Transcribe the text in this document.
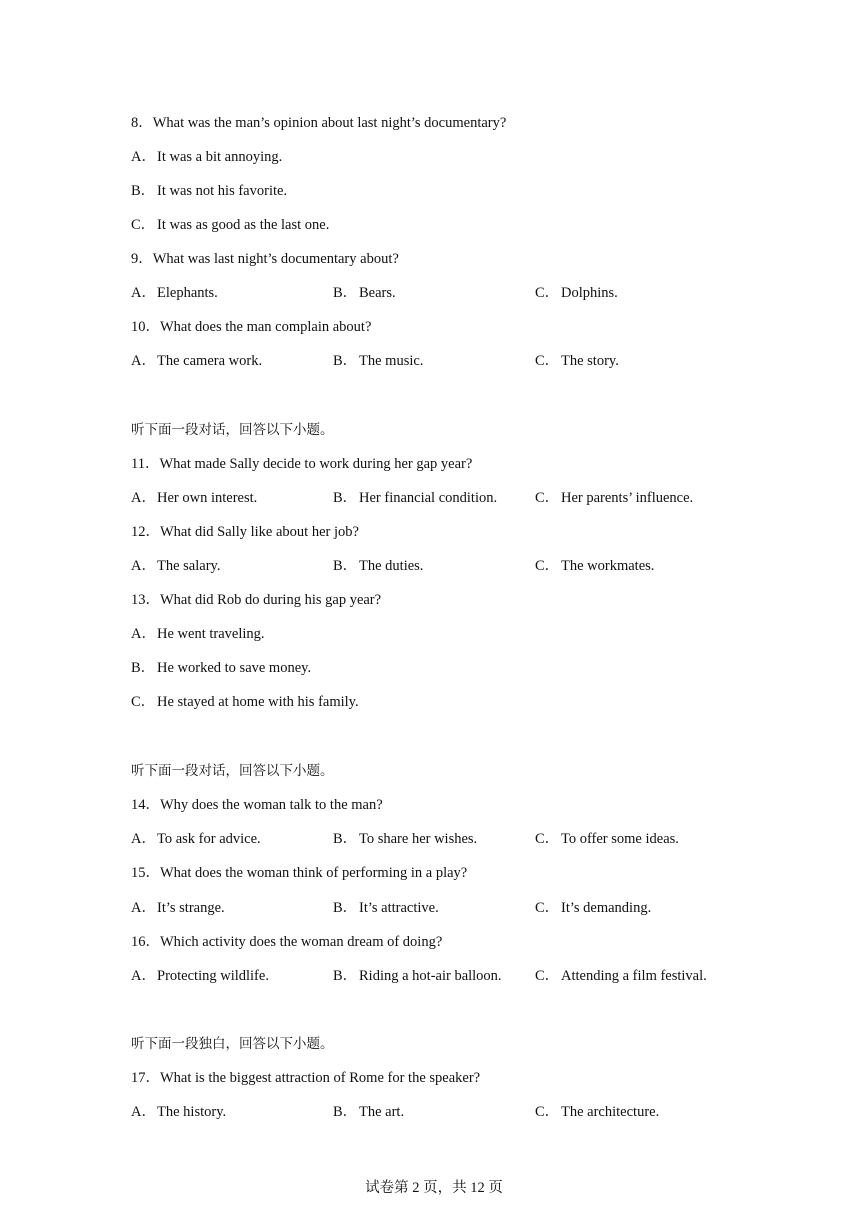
8．What was the man’s opinion about last night’s documentary?
A．It was a bit annoying.
B． It was not his favorite.
C． It was as good as the last one.
9．What was last night’s documentary about?
A．Elephants.	B． Bears.	C． Dolphins.
10．What does the man complain about?
A．The camera work.	B． The music.	C． The story.
听下面一段对话，回答以下小题。
11．What made Sally decide to work during her gap year?
A．Her own interest.	B． Her financial condition.	C． Her parents’ influence.
12．What did Sally like about her job?
A．The salary.	B． The duties.	C． The workmates.
13．What did Rob do during his gap year?
A．He went traveling.
B． He worked to save money.
C． He stayed at home with his family.
听下面一段对话，回答以下小题。
14．Why does the woman talk to the man?
A．To ask for advice.	B． To share her wishes.	C． To offer some ideas.
15．What does the woman think of performing in a play?
A．It’s strange.	B． It’s attractive.	C． It’s demanding.
16．Which activity does the woman dream of doing?
A．Protecting wildlife.	B． Riding a hot-air balloon. C． Attending a film festival.
听下面一段独白，回答以下小题。
17．What is the biggest attraction of Rome for the speaker?
A．The history.	B． The art.	C． The architecture.
试卷第 2 页，共 12 页
